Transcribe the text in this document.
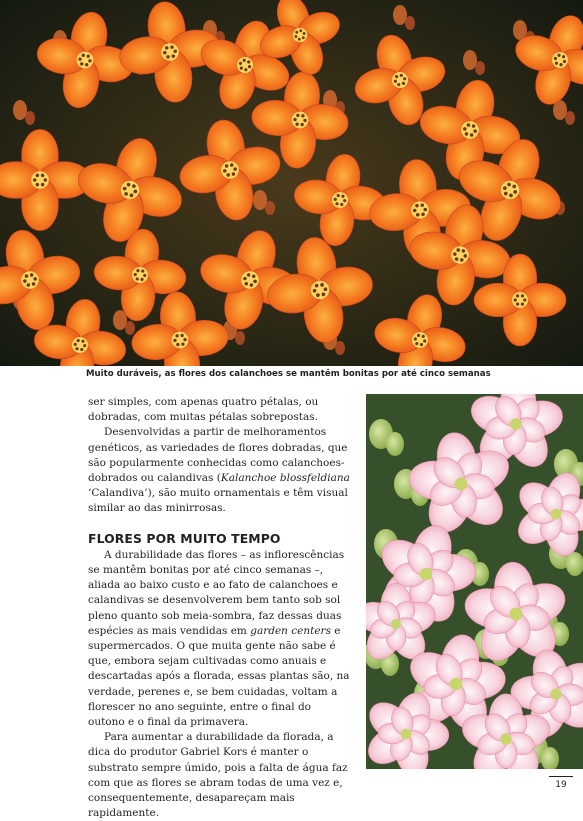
Muito duráveis, as flores dos calanchoes se mantêm bonitas por até cinco semanas

ser simples, com apenas quatro pétalas, ou dobradas, com muitas pétalas sobrepostas.

Desenvolvidas a partir de melhoramentos genéticos, as variedades de flores dobradas, que são popularmente conhecidas como calanchoes-dobrados ou calandivas (Kalanchoe blossfeldiana ‘Calandiva’), são muito ornamentais e têm visual similar ao das minirrosas.

FLORES POR MUITO TEMPO

A durabilidade das flores – as inflorescências se mantêm bonitas por até cinco semanas –, aliada ao baixo custo e ao fato de calanchoes e calandivas se desenvolverem bem tanto sob sol pleno quanto sob meia-sombra, faz dessas duas espécies as mais vendidas em garden centers e supermercados. O que muita gente não sabe é que, embora sejam cultivadas como anuais e descartadas após a florada, essas plantas são, na verdade, perenes e, se bem cuidadas, voltam a florescer no ano seguinte, entre o final do outono e o final da primavera.

Para aumentar a durabilidade da florada, a dica do produtor Gabriel Kors é manter o substrato sempre úmido, pois a falta de água faz com que as flores se abram todas de uma vez e, consequentemente, desapareçam mais rapidamente.

19
